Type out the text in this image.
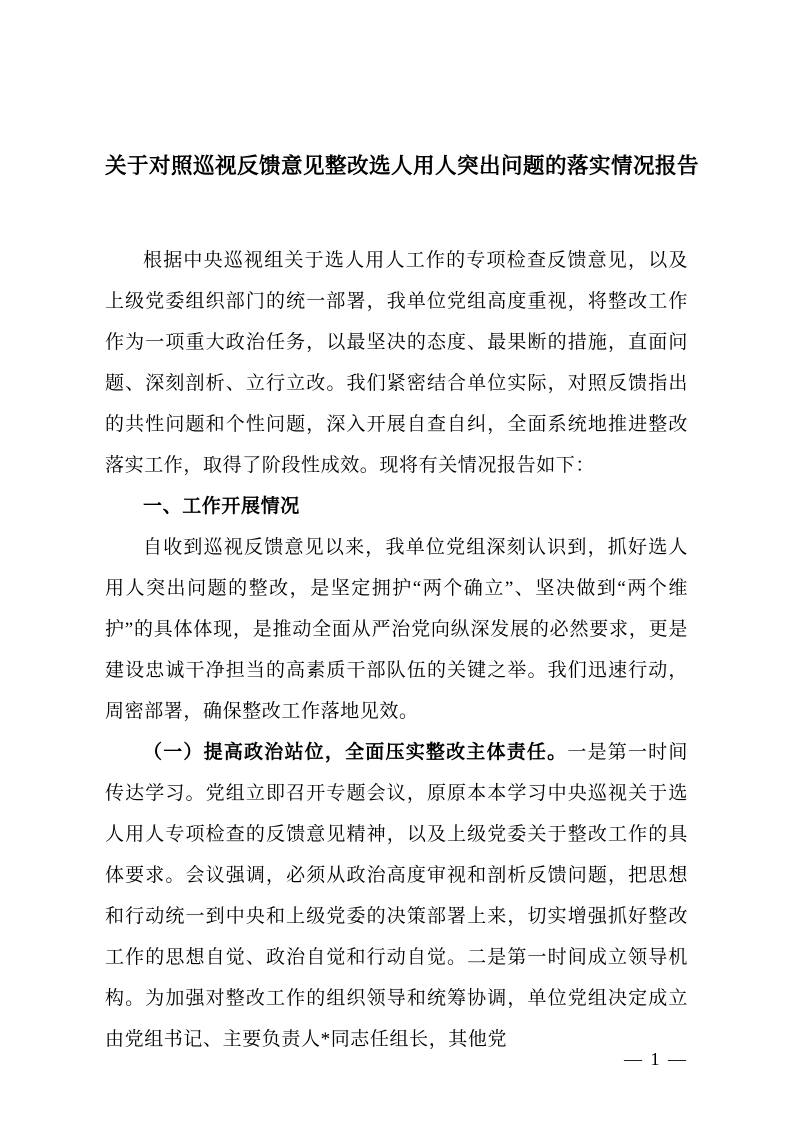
关于对照巡视反馈意见整改选人用人突出问题的落实情况报告

根据中央巡视组关于选人用人工作的专项检查反馈意见，以及上级党委组织部门的统一部署，我单位党组高度重视，将整改工作作为一项重大政治任务，以最坚决的态度、最果断的措施，直面问题、深刻剖析、立行立改。我们紧密结合单位实际，对照反馈指出的共性问题和个性问题，深入开展自查自纠，全面系统地推进整改落实工作，取得了阶段性成效。现将有关情况报告如下：

一、工作开展情况

自收到巡视反馈意见以来，我单位党组深刻认识到，抓好选人用人突出问题的整改，是坚定拥护“两个确立”、坚决做到“两个维护”的具体体现，是推动全面从严治党向纵深发展的必然要求，更是建设忠诚干净担当的高素质干部队伍的关键之举。我们迅速行动，周密部署，确保整改工作落地见效。

（一）提高政治站位，全面压实整改主体责任。一是第一时间传达学习。党组立即召开专题会议，原原本本学习中央巡视关于选人用人专项检查的反馈意见精神，以及上级党委关于整改工作的具体要求。会议强调，必须从政治高度审视和剖析反馈问题，把思想和行动统一到中央和上级党委的决策部署上来，切实增强抓好整改工作的思想自觉、政治自觉和行动自觉。二是第一时间成立领导机构。为加强对整改工作的组织领导和统筹协调，单位党组决定成立由党组书记、主要负责人*同志任组长，其他党

— 1 —
